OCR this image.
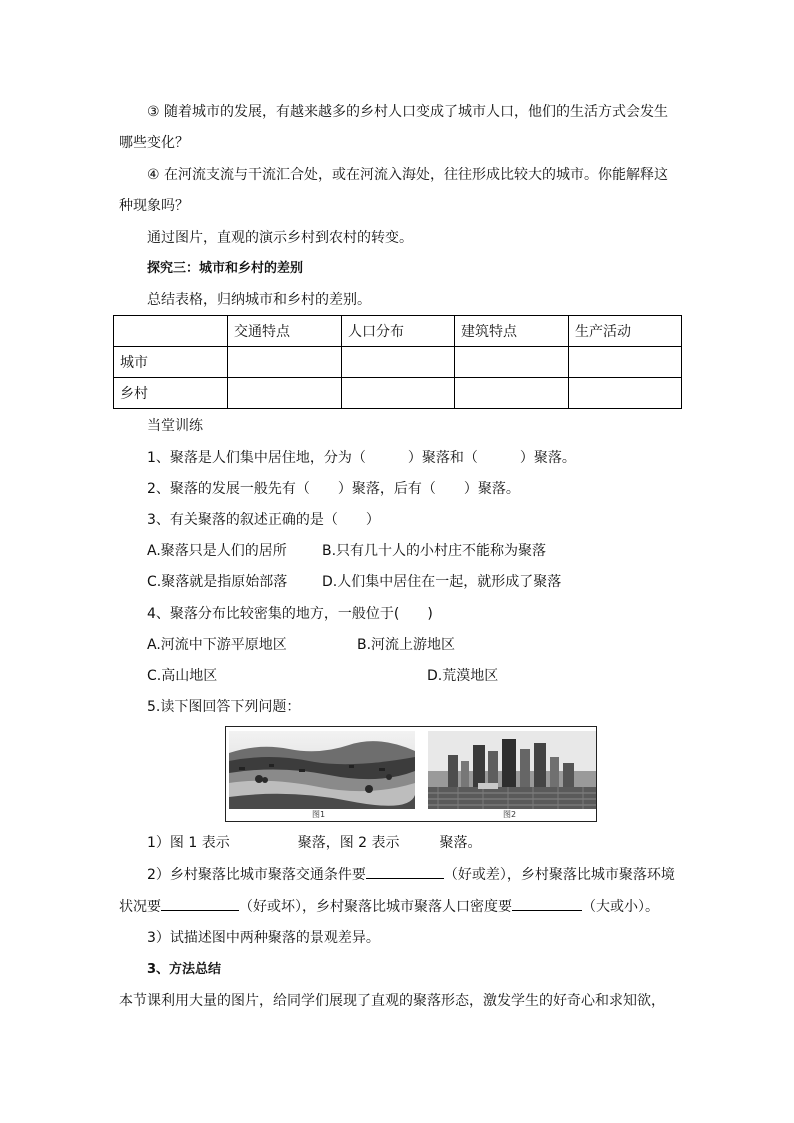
③ 随着城市的发展，有越来越多的乡村人口变成了城市人口，他们的生活方式会发生
哪些变化？
④ 在河流支流与干流汇合处，或在河流入海处，往往形成比较大的城市。你能解释这
种现象吗？
通过图片，直观的演示乡村到农村的转变。
探究三：城市和乡村的差别
总结表格，归纳城市和乡村的差别。
	交通特点	人口分布	建筑特点	生产活动
城市				
乡村				
当堂训练
1、聚落是人们集中居住地，分为（　　　）聚落和（　　　）聚落。
2、聚落的发展一般先有（　　）聚落，后有（　　）聚落。
3、有关聚落的叙述正确的是（　　）
A.聚落只是人们的居所	B.只有几十人的小村庄不能称为聚落
C.聚落就是指原始部落 D.人们集中居住在一起，就形成了聚落
4、聚落分布比较密集的地方，一般位于(　　)
A.河流中下游平原地区	B.河流上游地区
C.高山地区	D.荒漠地区
5.读下图回答下列问题：
图1	图2
1）图 1 表示	聚落，图 2 表示	聚落。
2）乡村聚落比城市聚落交通条件要	（好或差），乡村聚落比城市聚落环境
状况要	（好或坏），乡村聚落比城市聚落人口密度要	（大或小）。
3）试描述图中两种聚落的景观差异。
3、方法总结
本节课利用大量的图片，给同学们展现了直观的聚落形态，激发学生的好奇心和求知欲，
